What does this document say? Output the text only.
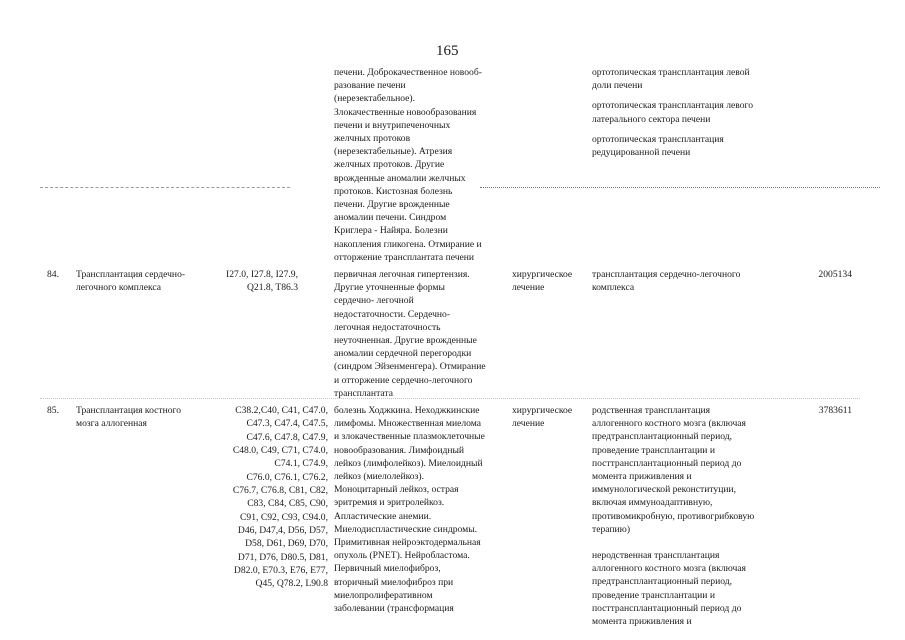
165
печени. Доброкачественное новооб-
разование печени
(нерезектабельное).
Злокачественные новообразования
печени и внутрипеченочных
желчных протоков
(нерезектабельные). Атрезия
желчных протоков. Другие
врожденные аномалии желчных
протоков. Кистозная болезнь
печени. Другие врожденные
аномалии печени. Синдром
Криглера - Найяра. Болезни
накопления гликогена. Отмирание и
отторжение трансплантата печени
ортотопическая трансплантация левой
доли печени
ортотопическая трансплантация левого
латерального сектора печени
ортотопическая трансплантация
редуцированной печени
84. Трансплантация сердечно-
легочного комплекса
I27.0, I27.8, I27.9,
Q21.8, T86.3
первичная легочная гипертензия.
Другие уточненные формы
сердечно- легочной
недостаточности. Сердечно-
легочная недостаточность
неуточненная. Другие врожденные
аномалии сердечной перегородки
(синдром Эйзенменгера). Отмирание
и отторжение сердечно-легочного
трансплантата
хирургическое
лечение
трансплантация сердечно-легочного
комплекса
2005134
85. Трансплантация костного
мозга аллогенная
C38.2,C40, C41, C47.0,
C47.3, C47.4, C47.5,
C47.6, C47.8, C47.9,
C48.0, C49, C71, C74.0,
C74.1, C74.9,
C76.0, C76.1, C76.2,
C76.7, C76.8, C81, C82,
C83, C84, C85, C90,
C91, C92, C93, C94.0,
D46, D47,4, D56, D57,
D58, D61, D69, D70,
D71, D76, D80.5, D81,
D82.0, E70.3, E76, E77,
Q45, Q78.2, L90.8
болезнь Ходжкина. Неходжкинские
лимфомы. Множественная миелома
и злокачественные плазмоклеточные
новообразования. Лимфоидный
лейкоз (лимфолейкоз). Миелоидный
лейкоз (миелолейкоз).
Моноцитарный лейкоз, острая
эритремия и эритролейкоз.
Апластические анемии.
Миелодиспластические синдромы.
Примитивная нейроэктодермальная
опухоль (PNET). Нейробластома.
Первичный миелофиброз,
вторичный миелофиброз при
миелопролиферативном
заболевании (трансформация
хирургическое
лечение
родственная трансплантация
аллогенного костного мозга (включая
предтрансплантационный период,
проведение трансплантации и
посттрансплантационный период до
момента приживления и
иммунологической реконституции,
включая иммуноадаптивную,
противомикробную, противогрибковую
терапию)
неродственная трансплантация
аллогенного костного мозга (включая
предтрансплантационный период,
проведение трансплантации и
посттрансплантационный период до
момента приживления и
3783611
